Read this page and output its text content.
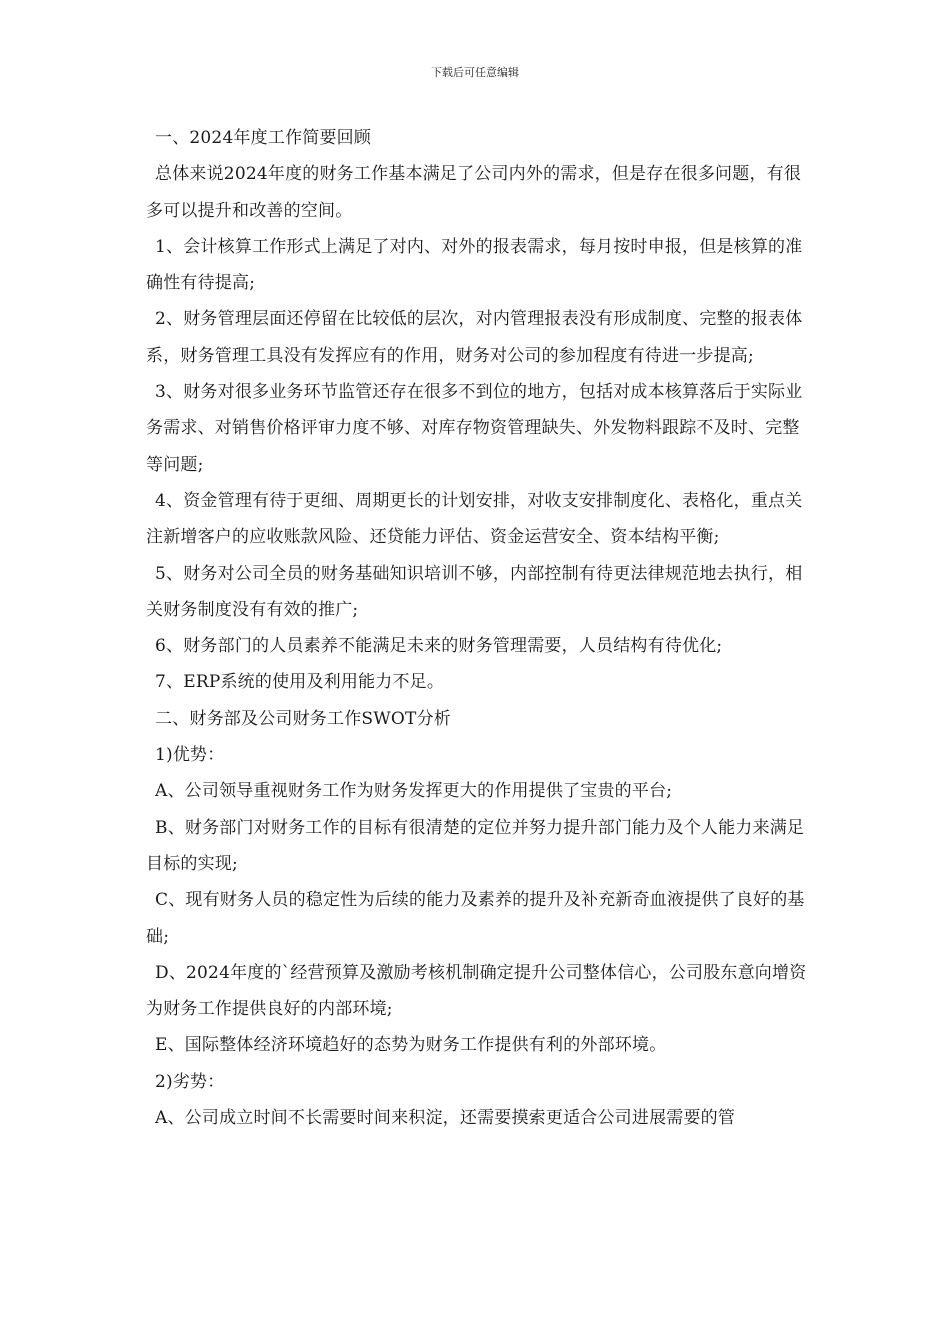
下载后可任意编辑

一、2024年度工作简要回顾

总体来说2024年度的财务工作基本满足了公司内外的需求，但是存在很多问题，有很多可以提升和改善的空间。

1、会计核算工作形式上满足了对内、对外的报表需求，每月按时申报，但是核算的准确性有待提高;

2、财务管理层面还停留在比较低的层次，对内管理报表没有形成制度、完整的报表体系，财务管理工具没有发挥应有的作用，财务对公司的参加程度有待进一步提高;

3、财务对很多业务环节监管还存在很多不到位的地方，包括对成本核算落后于实际业务需求、对销售价格评审力度不够、对库存物资管理缺失、外发物料跟踪不及时、完整等问题;

4、资金管理有待于更细、周期更长的计划安排，对收支安排制度化、表格化，重点关注新增客户的应收账款风险、还贷能力评估、资金运营安全、资本结构平衡;

5、财务对公司全员的财务基础知识培训不够，内部控制有待更法律规范地去执行，相关财务制度没有有效的推广;

6、财务部门的人员素养不能满足未来的财务管理需要，人员结构有待优化;

7、ERP系统的使用及利用能力不足。

二、财务部及公司财务工作SWOT分析

1)优势：

A、公司领导重视财务工作为财务发挥更大的作用提供了宝贵的平台;

B、财务部门对财务工作的目标有很清楚的定位并努力提升部门能力及个人能力来满足目标的实现;

C、现有财务人员的稳定性为后续的能力及素养的提升及补充新奇血液提供了良好的基础;

D、2024年度的`经营预算及激励考核机制确定提升公司整体信心，公司股东意向增资为财务工作提供良好的内部环境;

E、国际整体经济环境趋好的态势为财务工作提供有利的外部环境。

2)劣势：

A、公司成立时间不长需要时间来积淀，还需要摸索更适合公司进展需要的管
